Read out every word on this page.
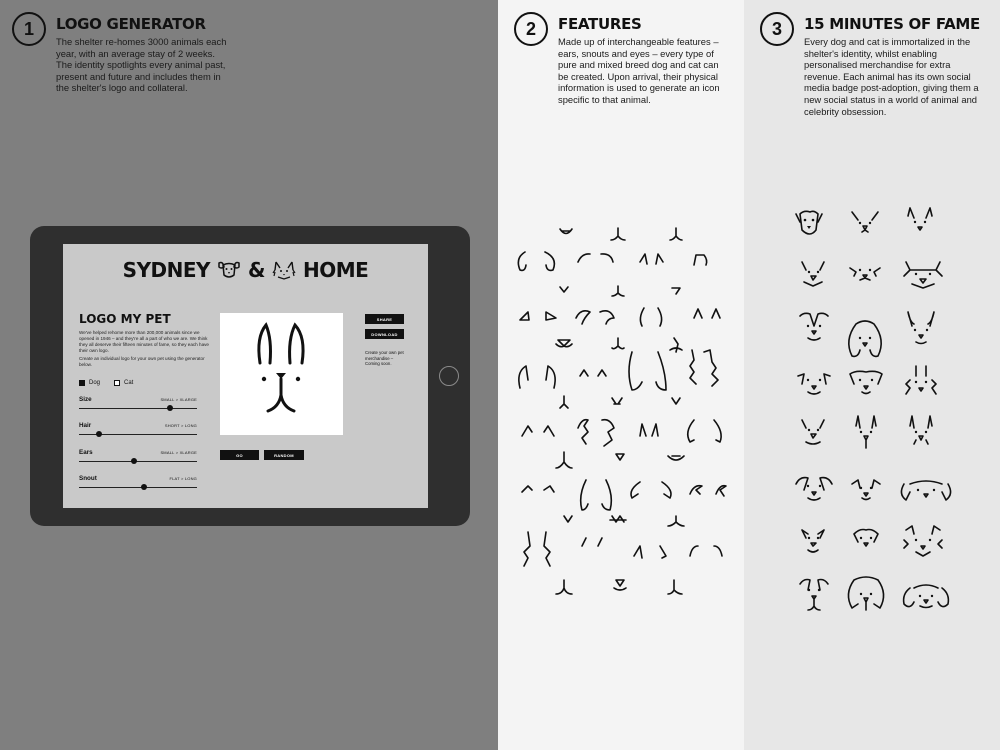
1	LOGO GENERATOR
The shelter re-homes 3000 animals each year, with an average stay of 2 weeks. The identity spotlights every animal past, present and future and includes them in the shelter's logo and collateral.
SYDNEY & HOME
LOGO MY PET

We've helped rehome more than 200,000 animals since we opened in 1946 – and they're all a part of who we are. We think they all deserve their fifteen minutes of fame, so they each have their own logo.

Create an individual logo for your own pet using the generator below.

Dog	Cat
Size	SMALL > XLARGE
Hair	SHORT > LONG
Ears	SMALL > XLARGE
Snout	FLAT > LONG
SHARE
DOWNLOAD
Create your own pet merchandise – Coming soon.
GO	RANDOM
2	FEATURES
Made up of interchangeable features – ears, snouts and eyes – every type of pure and mixed breed dog and cat can be created. Upon arrival, their physical information is used to generate an icon specific to that animal.
3	15 MINUTES OF FAME
Every dog and cat is immortalized in the shelter's identity, whilst enabling personalised merchandise for extra revenue. Each animal has its own social media badge post-adoption, giving them a new social status in a world of animal and celebrity obsession.
